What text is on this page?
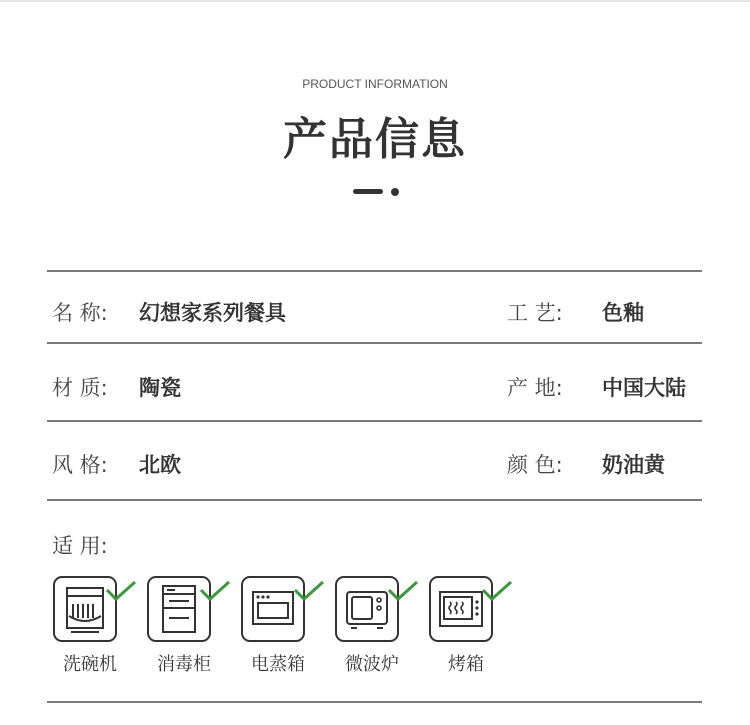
PRODUCT INFORMATION
产品信息
名 称: 幻想家系列餐具	工 艺: 色釉
材 质: 陶瓷	产 地: 中国大陆
风 格: 北欧	颜 色: 奶油黄
适 用:
洗碗机	消毒柜	电蒸箱	微波炉	烤箱
